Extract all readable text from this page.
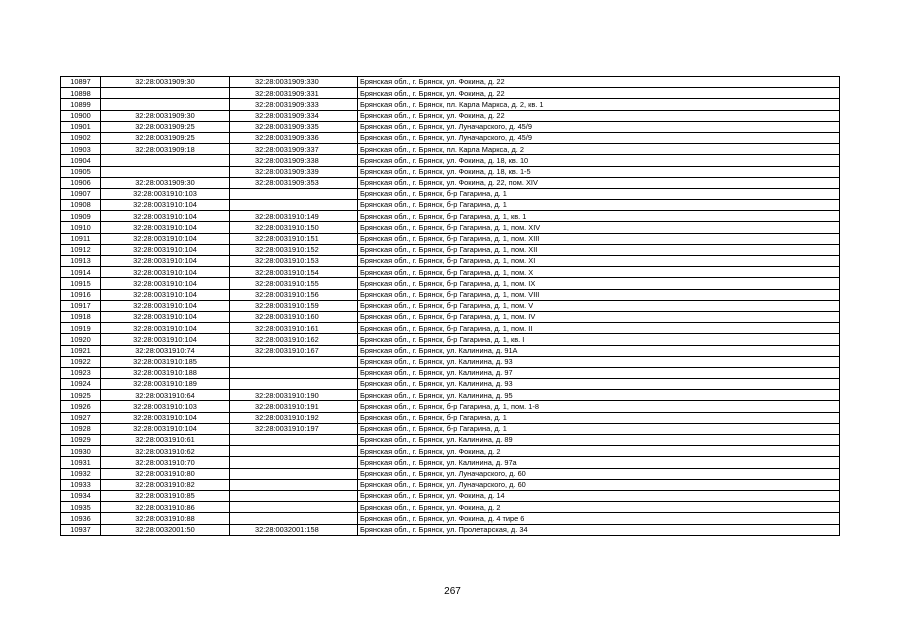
10897	32:28:0031909:30	32:28:0031909:330	Брянская обл., г. Брянск, ул. Фокина, д. 22
10898		32:28:0031909:331	Брянская обл., г. Брянск, ул. Фокина, д. 22
10899		32:28:0031909:333	Брянская обл., г. Брянск, пл. Карла Маркса, д. 2, кв. 1
10900	32:28:0031909:30	32:28:0031909:334	Брянская обл., г. Брянск, ул. Фокина, д. 22
10901	32:28:0031909:25	32:28:0031909:335	Брянская обл., г. Брянск, ул. Луначарского, д. 45/9
10902	32:28:0031909:25	32:28:0031909:336	Брянская обл., г. Брянск, ул. Луначарского, д. 45/9
10903	32:28:0031909:18	32:28:0031909:337	Брянская обл., г. Брянск, пл. Карла Маркса, д. 2
10904		32:28:0031909:338	Брянская обл., г. Брянск, ул. Фокина, д. 18, кв. 10
10905		32:28:0031909:339	Брянская обл., г. Брянск, ул. Фокина, д. 18, кв. 1-5
10906	32:28:0031909:30	32:28:0031909:353	Брянская обл., г. Брянск, ул. Фокина, д. 22, пом. XIV
10907	32:28:0031910:103		Брянская обл., г. Брянск, б-р Гагарина, д. 1
10908	32:28:0031910:104		Брянская обл., г. Брянск, б-р Гагарина, д. 1
10909	32:28:0031910:104	32:28:0031910:149	Брянская обл., г. Брянск, б-р Гагарина, д. 1, кв. 1
10910	32:28:0031910:104	32:28:0031910:150	Брянская обл., г. Брянск, б-р Гагарина, д. 1, пом. XIV
10911	32:28:0031910:104	32:28:0031910:151	Брянская обл., г. Брянск, б-р Гагарина, д. 1, пом. XIII
10912	32:28:0031910:104	32:28:0031910:152	Брянская обл., г. Брянск, б-р Гагарина, д. 1, пом. XII
10913	32:28:0031910:104	32:28:0031910:153	Брянская обл., г. Брянск, б-р Гагарина, д. 1, пом. XI
10914	32:28:0031910:104	32:28:0031910:154	Брянская обл., г. Брянск, б-р Гагарина, д. 1, пом. X
10915	32:28:0031910:104	32:28:0031910:155	Брянская обл., г. Брянск, б-р Гагарина, д. 1, пом. IX
10916	32:28:0031910:104	32:28:0031910:156	Брянская обл., г. Брянск, б-р Гагарина, д. 1, пом. VIII
10917	32:28:0031910:104	32:28:0031910:159	Брянская обл., г. Брянск, б-р Гагарина, д. 1, пом. V
10918	32:28:0031910:104	32:28:0031910:160	Брянская обл., г. Брянск, б-р Гагарина, д. 1, пом. IV
10919	32:28:0031910:104	32:28:0031910:161	Брянская обл., г. Брянск, б-р Гагарина, д. 1, пом. II
10920	32:28:0031910:104	32:28:0031910:162	Брянская обл., г. Брянск, б-р Гагарина, д. 1, кв. I
10921	32:28:0031910:74	32:28:0031910:167	Брянская обл., г. Брянск, ул. Калинина, д. 91А
10922	32:28:0031910:185		Брянская обл., г. Брянск, ул. Калинина, д. 93
10923	32:28:0031910:188		Брянская обл., г. Брянск, ул. Калинина, д. 97
10924	32:28:0031910:189		Брянская обл., г. Брянск, ул. Калинина, д. 93
10925	32:28:0031910:64	32:28:0031910:190	Брянская обл., г. Брянск, ул. Калинина, д. 95
10926	32:28:0031910:103	32:28:0031910:191	Брянская обл., г. Брянск, б-р Гагарина, д. 1, пом. 1-8
10927	32:28:0031910:104	32:28:0031910:192	Брянская обл., г. Брянск, б-р Гагарина, д. 1
10928	32:28:0031910:104	32:28:0031910:197	Брянская обл., г. Брянск, б-р Гагарина, д. 1
10929	32:28:0031910:61		Брянская обл., г. Брянск, ул. Калинина, д. 89
10930	32:28:0031910:62		Брянская обл., г. Брянск, ул. Фокина, д. 2
10931	32:28:0031910:70		Брянская обл., г. Брянск, ул. Калинина, д. 97а
10932	32:28:0031910:80		Брянская обл., г. Брянск, ул. Луначарского, д. 60
10933	32:28:0031910:82		Брянская обл., г. Брянск, ул. Луначарского, д. 60
10934	32:28:0031910:85		Брянская обл., г. Брянск, ул. Фокина, д. 14
10935	32:28:0031910:86		Брянская обл., г. Брянск, ул. Фокина, д. 2
10936	32:28:0031910:88		Брянская обл., г. Брянск, ул. Фокина, д. 4 тире 6
10937	32:28:0032001:50	32:28:0032001:158	Брянская обл., г. Брянск, ул. Пролетарская, д. 34
267
